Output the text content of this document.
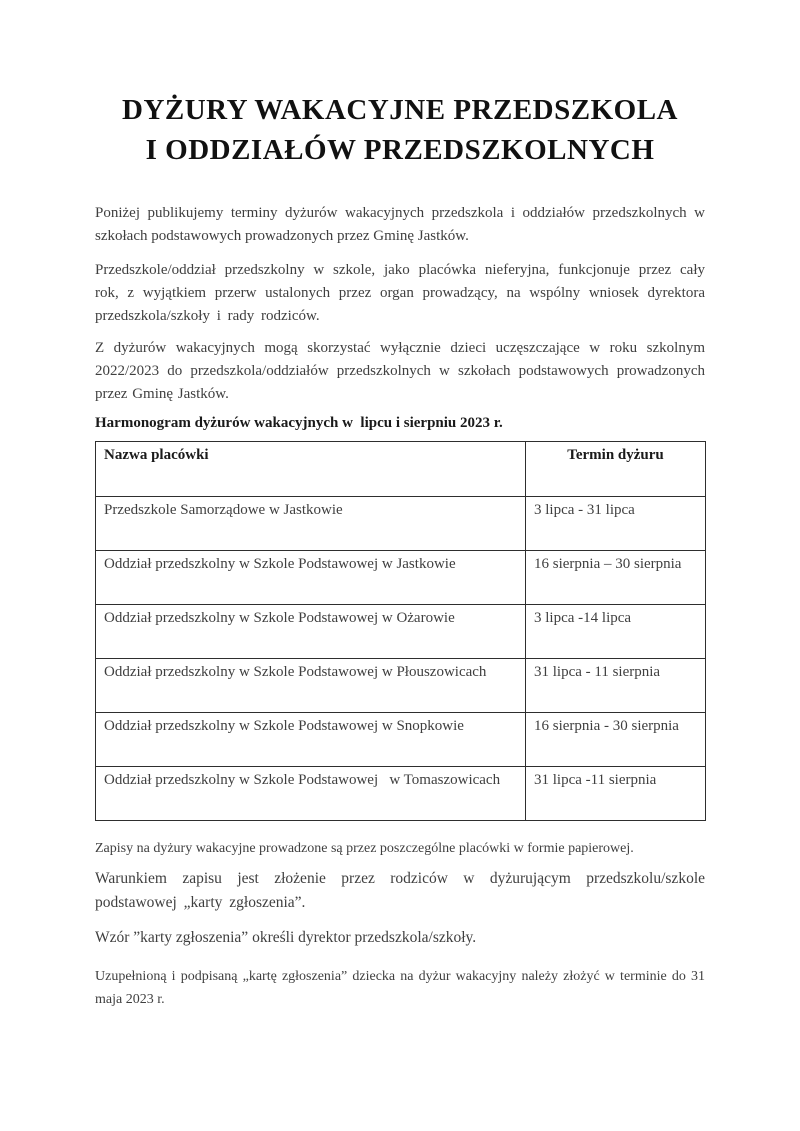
DYŻURY WAKACYJNE PRZEDSZKOLA
I ODDZIAŁÓW PRZEDSZKOLNYCH

Poniżej publikujemy terminy dyżurów wakacyjnych przedszkola i oddziałów przedszkolnych w szkołach podstawowych prowadzonych przez Gminę Jastków.

Przedszkole/oddział przedszkolny w szkole, jako placówka nieferyjna, funkcjonuje przez cały rok, z wyjątkiem przerw ustalonych przez organ prowadzący, na wspólny wniosek dyrektora przedszkola/szkoły i rady rodziców.

Z dyżurów wakacyjnych mogą skorzystać wyłącznie dzieci uczęszczające w roku szkolnym 2022/2023 do przedszkola/oddziałów przedszkolnych w szkołach podstawowych prowadzonych przez Gminę Jastków.

Harmonogram dyżurów wakacyjnych w  lipcu i sierpniu 2023 r.

Nazwa placówki	Termin dyżuru
Przedszkole Samorządowe w Jastkowie	3 lipca - 31 lipca
Oddział przedszkolny w Szkole Podstawowej w Jastkowie	16 sierpnia – 30 sierpnia
Oddział przedszkolny w Szkole Podstawowej w Ożarowie	3 lipca -14 lipca
Oddział przedszkolny w Szkole Podstawowej w Płouszowicach	31 lipca - 11 sierpnia
Oddział przedszkolny w Szkole Podstawowej w Snopkowie	16 sierpnia - 30 sierpnia
Oddział przedszkolny w Szkole Podstawowej   w Tomaszowicach	31 lipca -11 sierpnia

Zapisy na dyżury wakacyjne prowadzone są przez poszczególne placówki w formie papierowej.

Warunkiem zapisu jest złożenie przez rodziców w dyżurującym przedszkolu/szkole podstawowej „karty zgłoszenia”.

Wzór ”karty zgłoszenia” określi dyrektor przedszkola/szkoły.

Uzupełnioną i podpisaną „kartę zgłoszenia” dziecka na dyżur wakacyjny należy złożyć w terminie do 31 maja 2023 r.
